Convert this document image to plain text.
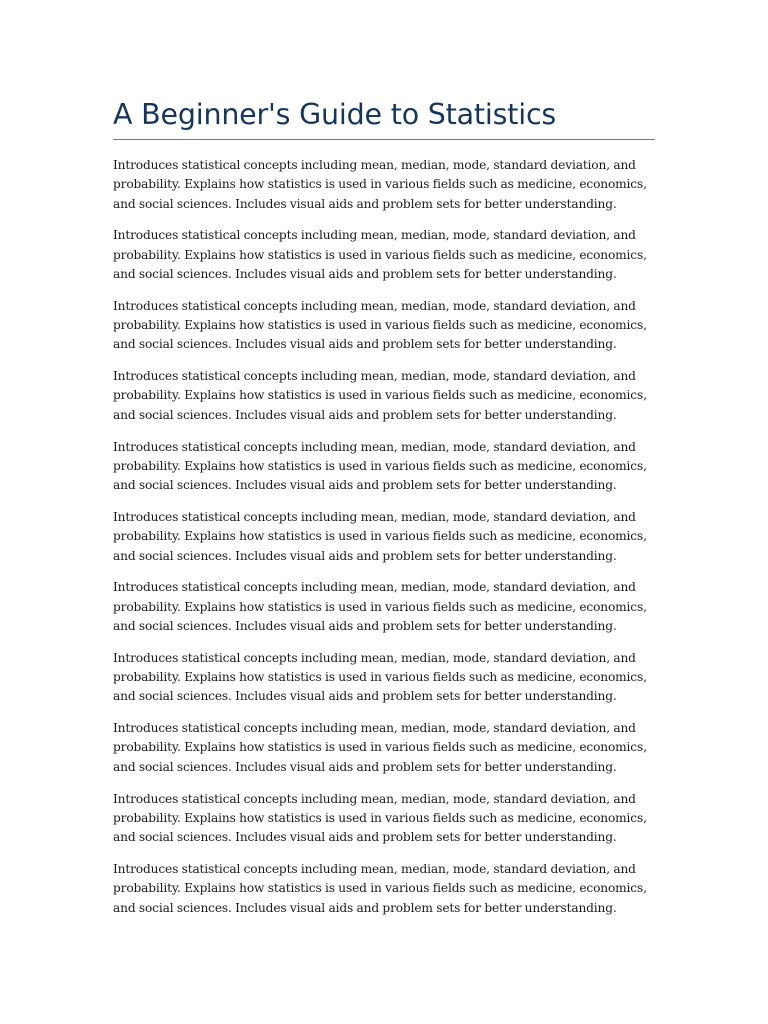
A Beginner's Guide to Statistics

Introduces statistical concepts including mean, median, mode, standard deviation, and
probability. Explains how statistics is used in various fields such as medicine, economics,
and social sciences. Includes visual aids and problem sets for better understanding.

Introduces statistical concepts including mean, median, mode, standard deviation, and
probability. Explains how statistics is used in various fields such as medicine, economics,
and social sciences. Includes visual aids and problem sets for better understanding.

Introduces statistical concepts including mean, median, mode, standard deviation, and
probability. Explains how statistics is used in various fields such as medicine, economics,
and social sciences. Includes visual aids and problem sets for better understanding.

Introduces statistical concepts including mean, median, mode, standard deviation, and
probability. Explains how statistics is used in various fields such as medicine, economics,
and social sciences. Includes visual aids and problem sets for better understanding.

Introduces statistical concepts including mean, median, mode, standard deviation, and
probability. Explains how statistics is used in various fields such as medicine, economics,
and social sciences. Includes visual aids and problem sets for better understanding.

Introduces statistical concepts including mean, median, mode, standard deviation, and
probability. Explains how statistics is used in various fields such as medicine, economics,
and social sciences. Includes visual aids and problem sets for better understanding.

Introduces statistical concepts including mean, median, mode, standard deviation, and
probability. Explains how statistics is used in various fields such as medicine, economics,
and social sciences. Includes visual aids and problem sets for better understanding.

Introduces statistical concepts including mean, median, mode, standard deviation, and
probability. Explains how statistics is used in various fields such as medicine, economics,
and social sciences. Includes visual aids and problem sets for better understanding.

Introduces statistical concepts including mean, median, mode, standard deviation, and
probability. Explains how statistics is used in various fields such as medicine, economics,
and social sciences. Includes visual aids and problem sets for better understanding.

Introduces statistical concepts including mean, median, mode, standard deviation, and
probability. Explains how statistics is used in various fields such as medicine, economics,
and social sciences. Includes visual aids and problem sets for better understanding.

Introduces statistical concepts including mean, median, mode, standard deviation, and
probability. Explains how statistics is used in various fields such as medicine, economics,
and social sciences. Includes visual aids and problem sets for better understanding.
